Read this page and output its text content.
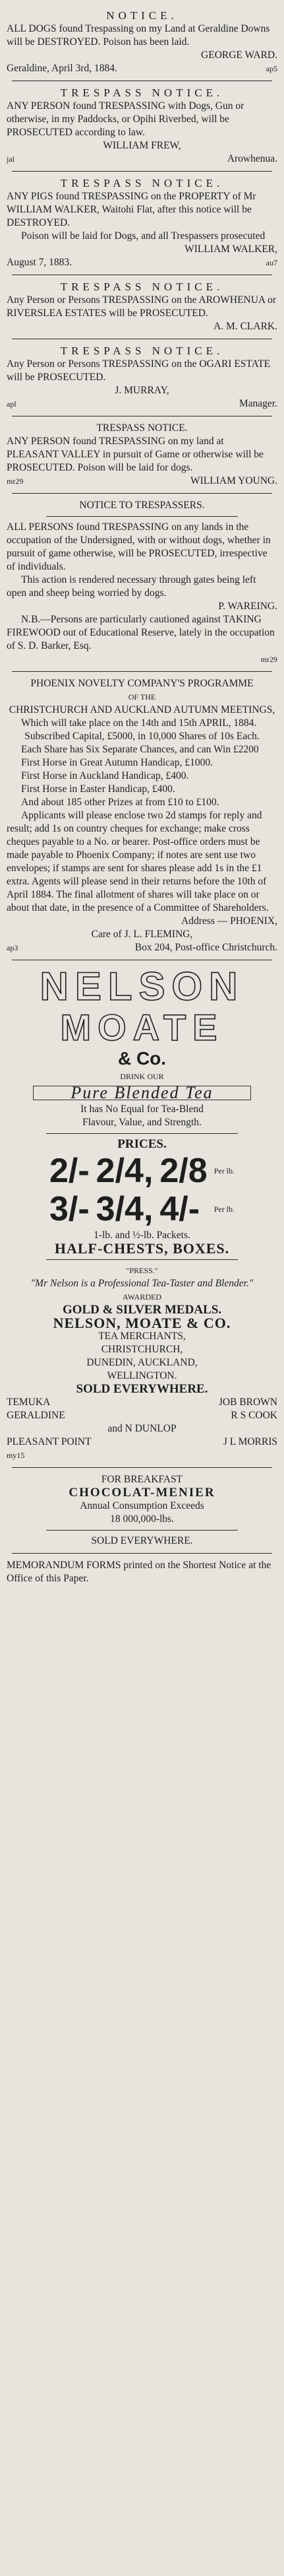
NOTICE.
ALL DOGS found Trespassing on my Land at Geraldine Downs will be DESTROYED. Poison has been laid.
GEORGE WARD.
Geraldine, April 3rd, 1884.	ap5
TRESPASS NOTICE.
ANY PERSON found TRESPASSING with Dogs, Gun or otherwise, in my Paddocks, or Opihi Riverbed, will be PROSECUTED according to law.
WILLIAM FREW,
jal	Arowhenua.
TRESPASS NOTICE.
ANY PIGS found TRESPASSING on the PROPERTY of Mr WILLIAM WALKER, Waitohi Flat, after this notice will be DESTROYED.
Poison will be laid for Dogs, and all Trespassers prosecuted
WILLIAM WALKER,
August 7, 1883.	au7
TRESPASS NOTICE.
Any Person or Persons TRESPASSING on the AROWHENUA or RIVERSLEA ESTATES will be PROSECUTED.
A. M. CLARK.
TRESPASS NOTICE.
Any Person or Persons TRESPASSING on the OGARI ESTATE will be PROSECUTED.
J. MURRAY,
apl	Manager.
TRESPASS NOTICE.
ANY PERSON found TRESPASSING on my land at PLEASANT VALLEY in pursuit of Game or otherwise will be PROSECUTED. Poison will be laid for dogs.
mr29	WILLIAM YOUNG.
NOTICE TO TRESPASSERS.
ALL PERSONS found TRESPASSING on any lands in the occupation of the Undersigned, with or without dogs, whether in pursuit of game otherwise, will be PROSECUTED, irrespective of individuals.
This action is rendered necessary through gates being left open and sheep being worried by dogs.
P. WAREING.
N.B.—Persons are particularly cautioned against TAKING FIREWOOD out of Educational Reserve, lately in the occupation of S. D. Barker, Esq.
mr29
PHOENIX NOVELTY COMPANY'S PROGRAMME
OF THE
CHRISTCHURCH AND AUCKLAND AUTUMN MEETINGS,
Which will take place on the 14th and 15th APRIL, 1884.
Subscribed Capital, £5000, in 10,000 Shares of 10s Each.
Each Share has Six Separate Chances, and can Win £2200
First Horse in Great Autumn Handicap, £1000.
First Horse in Auckland Handicap, £400.
First Horse in Easter Handicap, £400.
And about 185 other Prizes at from £10 to £100.
Applicants will please enclose two 2d stamps for reply and result; add 1s on country cheques for exchange; make cross cheques payable to a No. or bearer. Post-office orders must be made payable to Phoenix Company; if notes are sent use two envelopes; if stamps are sent for shares please add 1s in the £1 extra. Agents will please send in their returns before the 10th of April 1884. The final allotment of shares will take place on or about that date, in the presence of a Committee of Shareholders.
Address — PHOENIX,
Care of J. L. FLEMING,
ap3	Box 204, Post-office Christchurch.
NELSON
MOATE
& Co.
DRINK OUR
Pure Blended Tea
It has No Equal for Tea-Blend
Flavour, Value, and Strength.
PRICES.
2/-	2/4,	2/8	Per lb.
3/-	3/4,	4/-	Per lb.
1-lb. and ½-lb. Packets.
HALF-CHESTS, BOXES.
"PRESS."
"Mr Nelson is a Professional Tea-Taster and Blender."
AWARDED
GOLD & SILVER MEDALS.
NELSON, MOATE & CO.
TEA MERCHANTS,
CHRISTCHURCH,
DUNEDIN, AUCKLAND,
WELLINGTON.
SOLD EVERYWHERE.
TEMUKA	JOB BROWN
GERALDINE	R S COOK
and N DUNLOP
PLEASANT POINT	J L MORRIS
my15
FOR BREAKFAST
CHOCOLAT-MENIER
Annual Consumption Exceeds
18 000,000-lbs.
SOLD EVERYWHERE.
MEMORANDUM FORMS printed on the Shortest Notice at the Office of this Paper.
